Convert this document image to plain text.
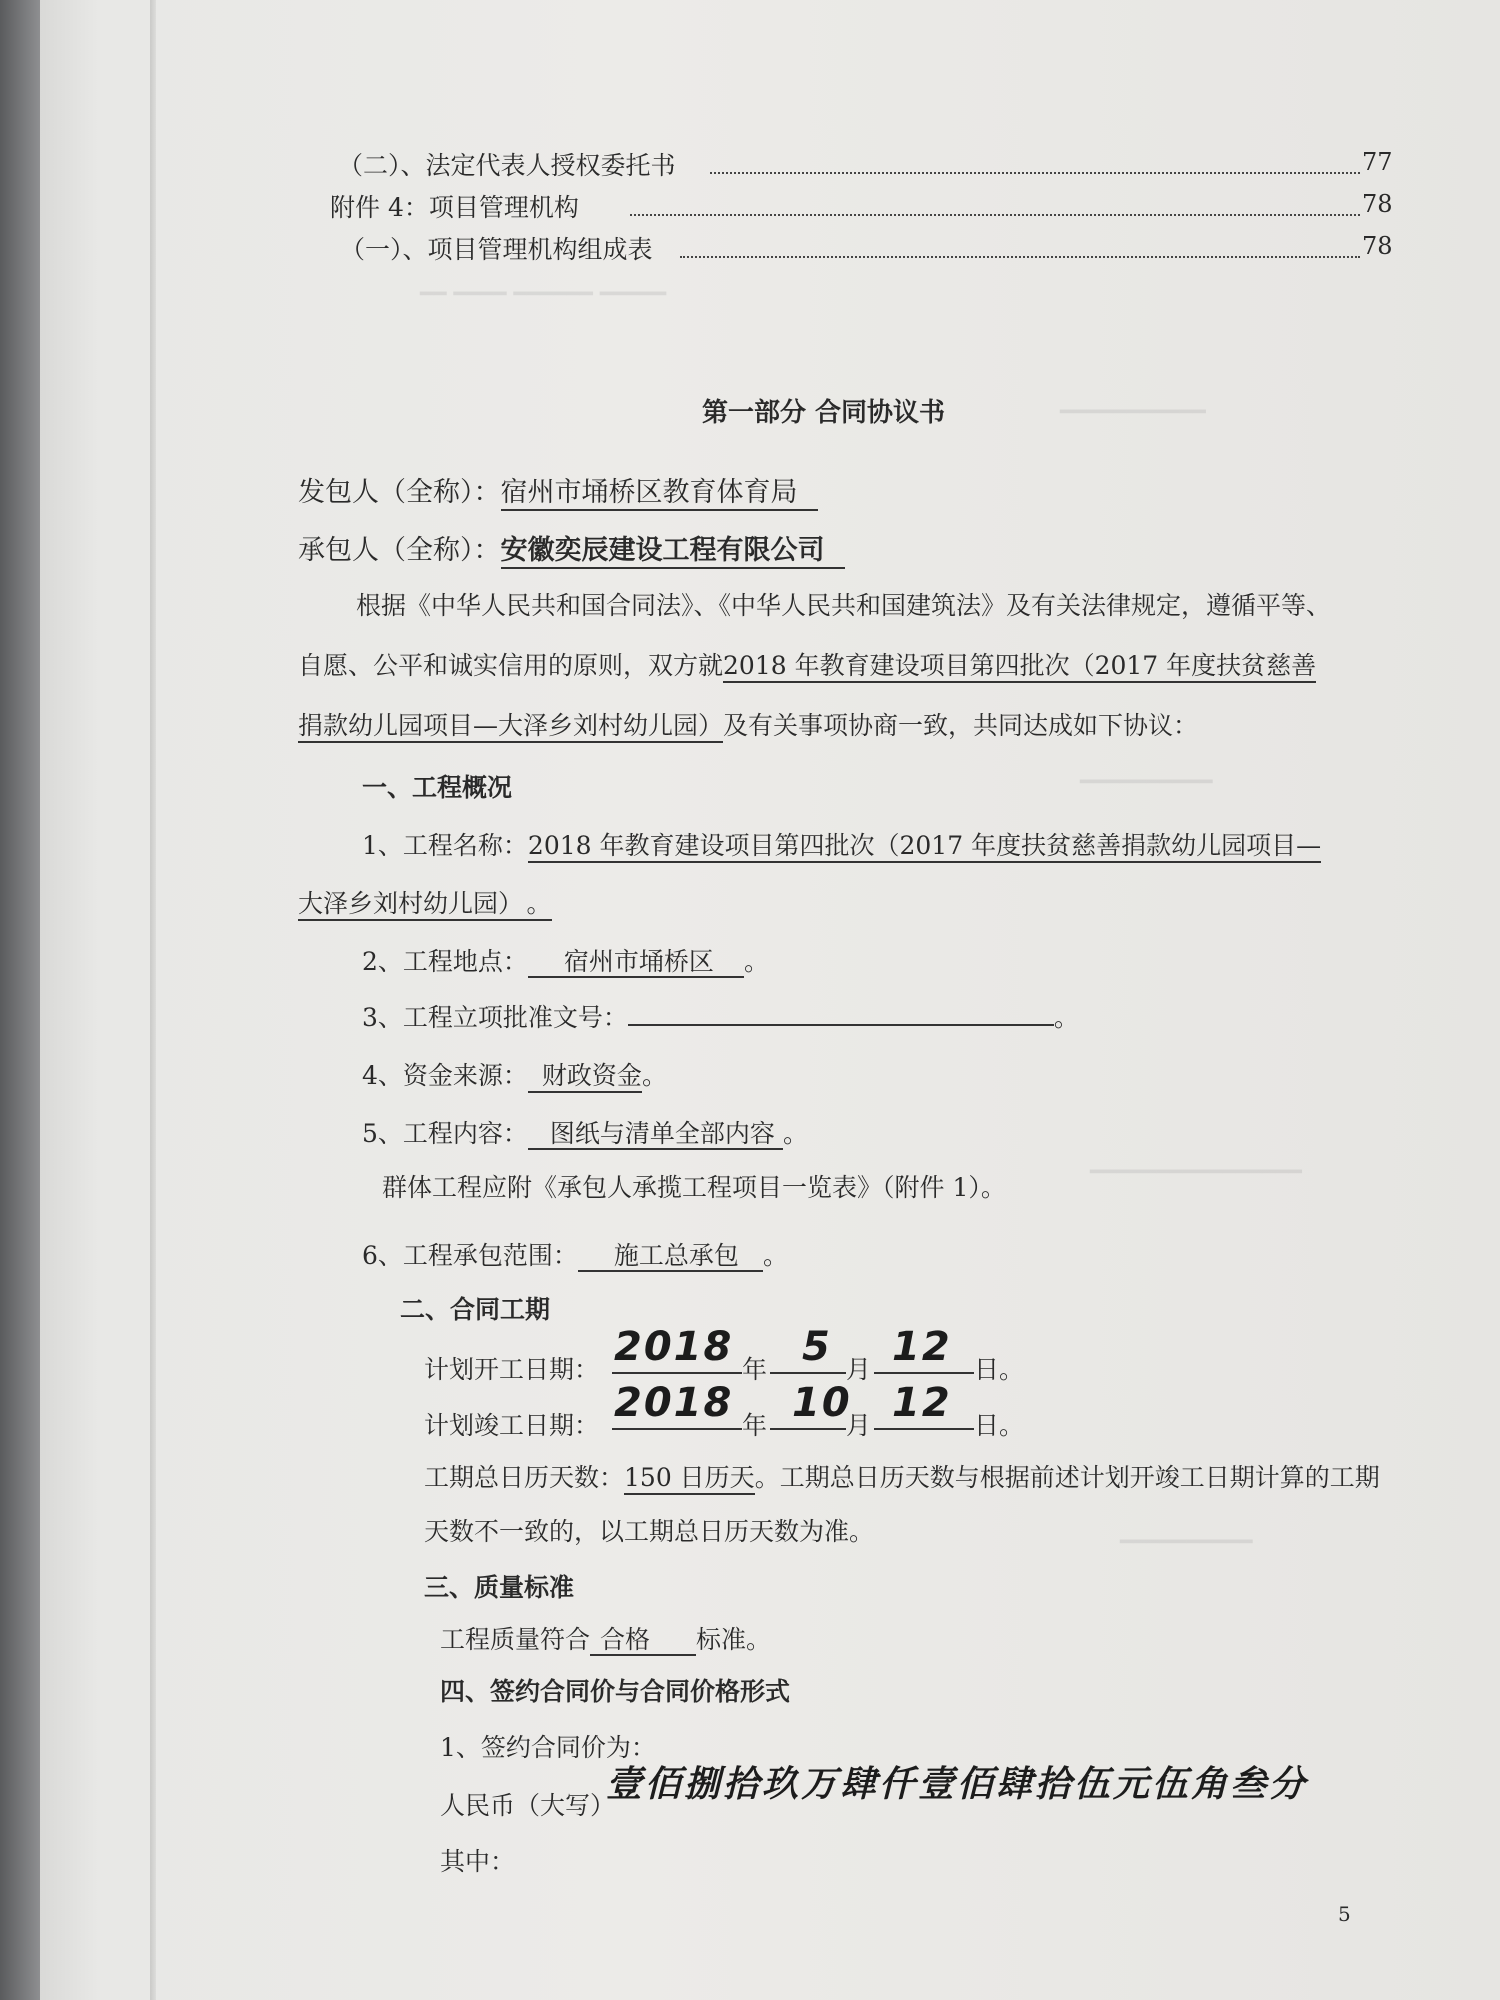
━━ ━━━━ ━━━━━━ ━━━━━
━━━━━━━━━━━
━━━━━━━━━━
━━━━━━━━━━━━━━━━
━━━━━━━━━━
（二）、法定代表人授权委托书	77
附件 4：项目管理机构	78
（一）、项目管理机构组成表	78
第一部分 合同协议书
发包人（全称）：宿州市埇桥区教育体育局
承包人（全称）：安徽奕辰建设工程有限公司
根据《中华人民共和国合同法》、《中华人民共和国建筑法》及有关法律规定，遵循平等、
自愿、公平和诚实信用的原则，双方就2018 年教育建设项目第四批次（2017 年度扶贫慈善
捐款幼儿园项目—大泽乡刘村幼儿园）及有关事项协商一致，共同达成如下协议：
一、工程概况
1、工程名称：2018 年教育建设项目第四批次（2017 年度扶贫慈善捐款幼儿园项目—
大泽乡刘村幼儿园） 。
2、工程地点： 宿州市埇桥区 。
3、工程立项批准文号：	。
4、资金来源： 财政资金。
5、工程内容： 图纸与清单全部内容 。
群体工程应附《承包人承揽工程项目一览表》（附件 1）。
6、工程承包范围： 施工总承包 。
二、合同工期
计划开工日期： 2018 年 5 月 12 日。
计划竣工日期： 2018 年 10
月 12 日。
工期总日历天数：150 日历天。工期总日历天数与根据前述计划开竣工日期计算的工期
天数不一致的，以工期总日历天数为准。
三、质量标准
工程质量符合 合格 标准。
四、签约合同价与合同价格形式
1、签约合同价为：
人民币（大写）
壹佰捌拾玖万肆仟壹佰肆拾伍元伍角叁分
其中：
5
